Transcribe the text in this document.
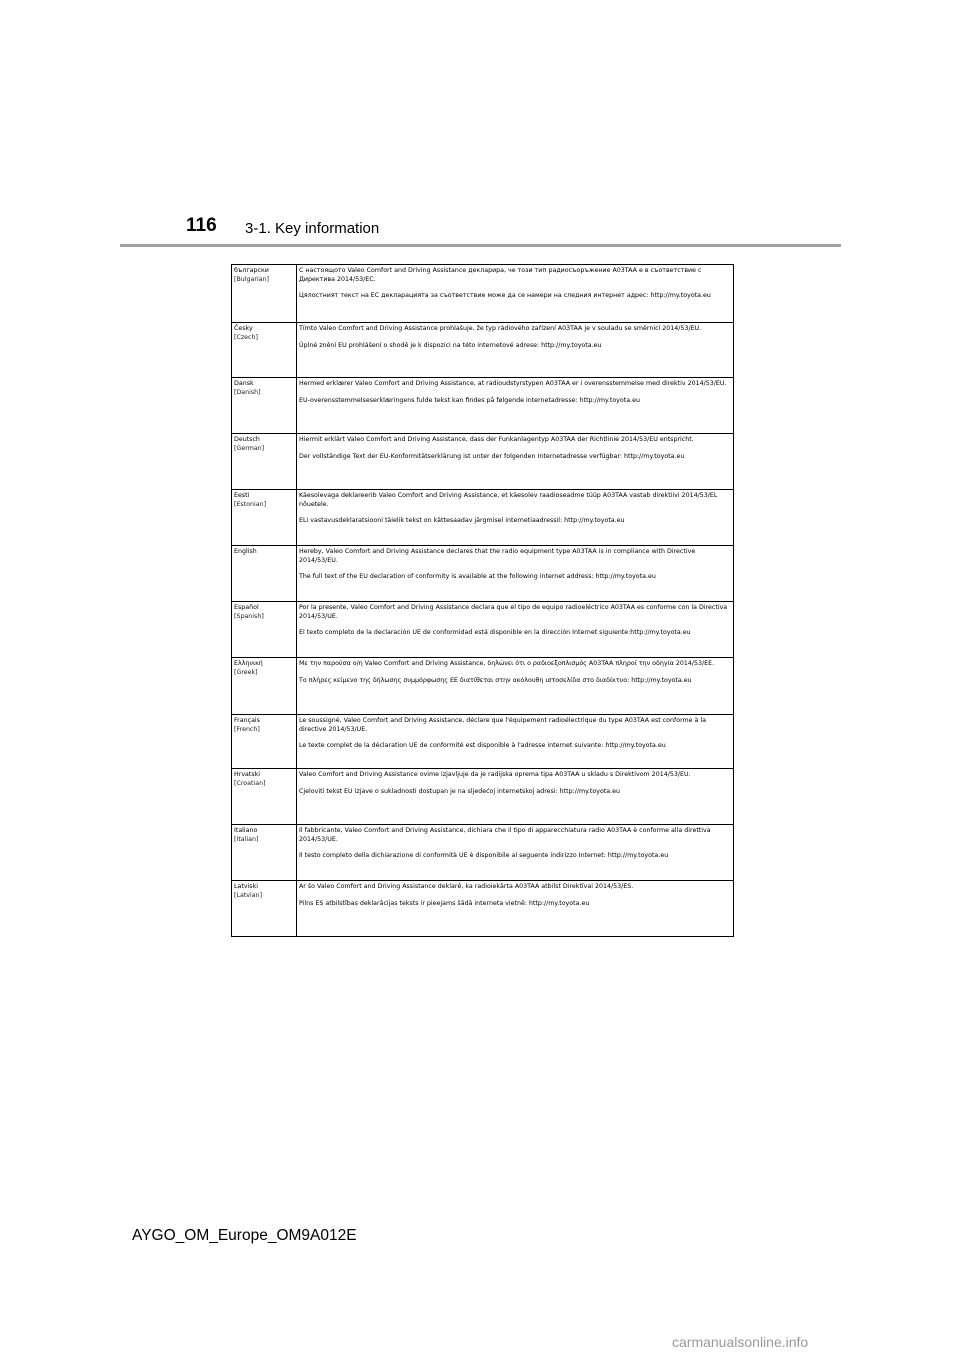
116 3-1. Key information
български
[Bulgarian]	С настоящото Valeo Comfort and Driving Assistance декларира, че този тип радиосъоръжение A03TAA е в съответствие с Директива 2014/53/ЕС.
Цялостният текст на ЕС декларацията за съответствие може да се намери на следния интернет адрес: http://my.toyota.eu

Česky
[Czech]	Tímto Valeo Comfort and Driving Assistance prohlašuje, že typ rádiového zařízení A03TAA je v souladu se směrnicí 2014/53/EU.
Úplné znění EU prohlášení o shodě je k dispozici na této internetové adrese: http://my.toyota.eu

Dansk
[Danish]	Hermed erklærer Valeo Comfort and Driving Assistance, at radioudstyrstypen A03TAA er i overensstemmelse med direktiv 2014/53/EU.
EU-overensstemmelseserklæringens fulde tekst kan findes på følgende internetadresse: http://my.toyota.eu

Deutsch
[German]	Hiermit erklärt Valeo Comfort and Driving Assistance, dass der Funkanlagentyp A03TAA der Richtlinie 2014/53/EU entspricht.
Der vollständige Text der EU-Konformitätserklärung ist unter der folgenden Internetadresse verfügbar: http://my.toyota.eu

Eesti
[Estonian]	Käesolevaga deklareerib Valeo Comfort and Driving Assistance, et käesolev raadioseadme tüüp A03TAA vastab direktiivi 2014/53/EL nõuetele.
ELi vastavusdeklaratsiooni täielik tekst on kättesaadav järgmisel internetiaadressil: http://my.toyota.eu

English	Hereby, Valeo Comfort and Driving Assistance declares that the radio equipment type A03TAA is in compliance with Directive 2014/53/EU.
The full text of the EU declaration of conformity is available at the following internet address: http://my.toyota.eu

Español
[Spanish]	Por la presente, Valeo Comfort and Driving Assistance declara que el tipo de equipo radioeléctrico A03TAA es conforme con la Directiva 2014/53/UE.
El texto completo de la declaración UE de conformidad está disponible en la dirección Internet siguiente:http://my.toyota.eu

Ελληνική
[Greek]	Με την παρούσα ο/η Valeo Comfort and Driving Assistance, δηλώνει ότι ο ραδιοεξοπλισμός A03TAA πληροί την οδηγία 2014/53/ΕΕ.
Το πλήρες κείμενο της δήλωσης συμμόρφωσης ΕΕ διατίθεται στην ακόλουθη ιστοσελίδα στο διαδίκτυο: http://my.toyota.eu

Français
[French]	Le soussigné, Valeo Comfort and Driving Assistance, déclare que l'équipement radioélectrique du type A03TAA est conforme à la directive 2014/53/UE.
Le texte complet de la déclaration UE de conformité est disponible à l'adresse internet suivante: http://my.toyota.eu

Hrvatski
[Croatian]	Valeo Comfort and Driving Assistance ovime izjavljuje da je radijska oprema tipa A03TAA u skladu s Direktivom 2014/53/EU.
Cjeloviti tekst EU izjave o sukladnosti dostupan je na sljedećoj internetskoj adresi: http://my.toyota.eu

Italiano
[Italian]	Il fabbricante, Valeo Comfort and Driving Assistance, dichiara che il tipo di apparecchiatura radio A03TAA è conforme alla direttiva 2014/53/UE.
Il testo completo della dichiarazione di conformità UE è disponibile al seguente indirizzo Internet: http://my.toyota.eu

Latviski
[Latvian]	Ar šo Valeo Comfort and Driving Assistance deklarē, ka radioiekārta A03TAA atbilst Direktīvai 2014/53/ES.
Pilns ES atbilstības deklarācijas teksts ir pieejams šādā interneta vietnē: http://my.toyota.eu
AYGO_OM_Europe_OM9A012E
carmanualsonline.info
